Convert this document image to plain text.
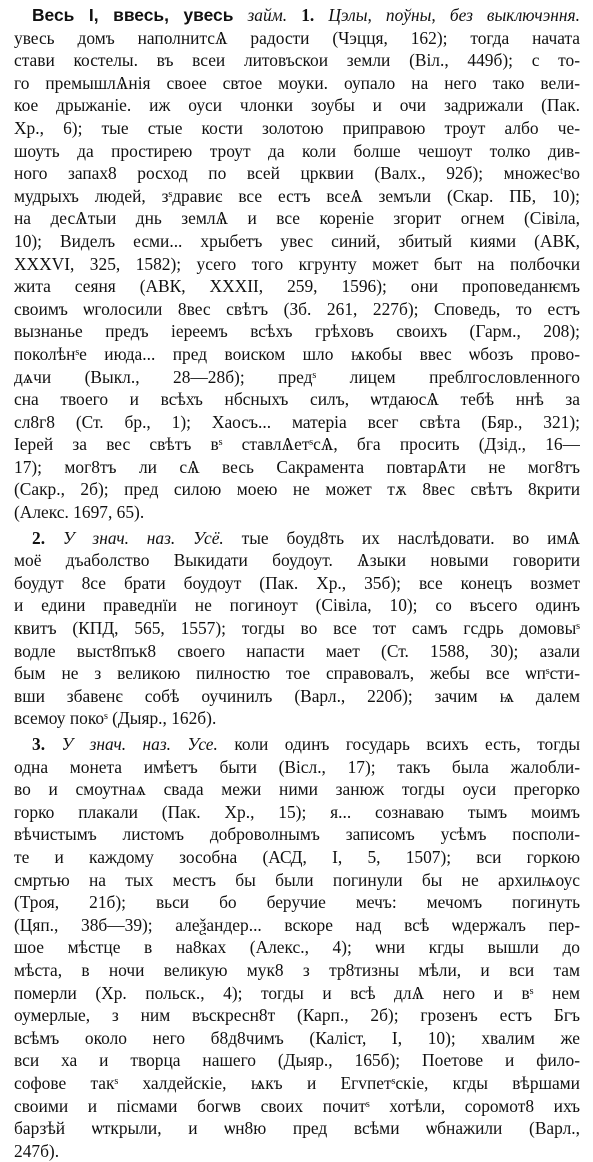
Весь I, ввесь, увесь займ. 1. Цэлы, поўны, без выключэння.
увесь домъ наполнитсѦ радости (Чэцця, 162); тогда начата
стави костелы. въ всеи литовъскои земли (Віл., 449б); с то-
го премышлѦнія своее свтое моуки. оупало на него тако вели-
кое дрыжаніе. иж оуси члонки зоубы и очи задрижали (Пак.
Хр., 6); тые стые кости золотою приправою троут албо че-
шоуть да простирею троут да коли болше чешоут толко див-
ного запах8 росход по всей црквии (Валх., 92б); множесᵗво
мудрыхъ людей, зˢдравиє все естъ всеѦ земъли (Скар. ПБ, 10);
на десѦтыи днь землѦ и все кореніе згорит огнем (Сівіла,
10); Виделъ есми... хрыбетъ увес синий, збитый киями (АВК,
XXXVI, 325, 1582); усего того кгрунту может быт на полбочки
жита сеяня (АВК, XXXII, 259, 1596); они проповеданѥмъ
своимъ ѡголосили 8вес свѣтъ (Зб. 261, 227б); Споведь, то естъ
вызнанье предъ іереемъ всѣхъ грѣховъ своихъ (Гарм., 208);
поколѣнˢе июда... пред воиском шло ѩкобы ввес ѡбозъ прово-
дѧчи (Выкл., 28—28б); предˢ лицем преблгословленного
сна твоего и всѣхъ нбсныхъ силъ, ѡтдаюсѦ тебѣ ннѣ за
сл8г8 (Ст. бр., 1); Хаосъ... матеріа всег свѣта (Бяр., 321);
Іерей за вес свѣтъ вˢ ставлѦетˢсѦ, бга просить (Дзід., 16—
17); мог8тъ ли сѦ весь Сакрамента повтарѦти не мог8тъ
(Сакр., 2б); пред силою моею не может тѫ 8вес свѣтъ 8крити
(Алекс. 1697, 65).
2. У знач. наз. Усё. тые боуд8ть их наслѣдовати. во имѦ
моё дъаболство Выкидати боудоут. Ѧзыки новыми говорити
боудут 8се брати боудоут (Пак. Хр., 35б); все конецъ возмет
и едини праведнїи не погиноут (Сівіла, 10); со въсего одинъ
квитъ (КПД, 565, 1557); тогды во все тот самъ гсдрь домовыˢ
водле выст8пък8 своего напасти мает (Ст. 1588, 30); азали
бым не з великою пилностю тое справовалъ, жебы все ѡпˢсти-
вши збавенє собѣ оучинилъ (Варл., 220б); зачим ѩ далем
всемоу покоˢ (Дыяр., 162б).
3. У знач. наз. Усе. коли одинъ государь всихъ есть, тогды
одна монета имѣетъ быти (Вісл., 17); такъ была жалобли-
во и смоутнаѧ свада межи ними занюж тогды оуси прегорко
горко плакали (Пак. Хр., 15); я... сознаваю тымъ моимъ
вѣчистымъ листомъ доброволнымъ записомъ усѣмъ посполи-
те и каждому зособна (АСД, I, 5, 1507); вси горкою
смртью на тых местъ бы были погинули бы не архилѩоус
(Троя, 21б); вьси бо беручие мечъ: мечомъ погинуть
(Цяп., 38б—39); алеѯандер... вскоре над всѣ ѡдержалъ пер-
шое мѣстце в на8ках (Алекс., 4); ѡни кгды вышли до
мѣста, в ночи великую мук8 з тр8тизны мѣли, и вси там
померли (Хр. польск., 4); тогды и всѣ длѦ него и вˢ нем
оумерлые, з ним въскресн8т (Карп., 2б); грозенъ естъ Бгъ
всѣмъ около него б8д8чимъ (Каліст, I, 10); хвалим же
вси ха и творца нашего (Дыяр., 165б); Поетове и фило-
софове такˢ халдейскіе, ѩкъ и Егvпетˢскіе, кгды вѣршами
своими и пісмами богѡв своих почитˢ хотѣли, соромот8 ихъ
барзѣй ѡткрыли, и ѡн8ю пред всѣми ѡбнажили (Варл.,
247б).
